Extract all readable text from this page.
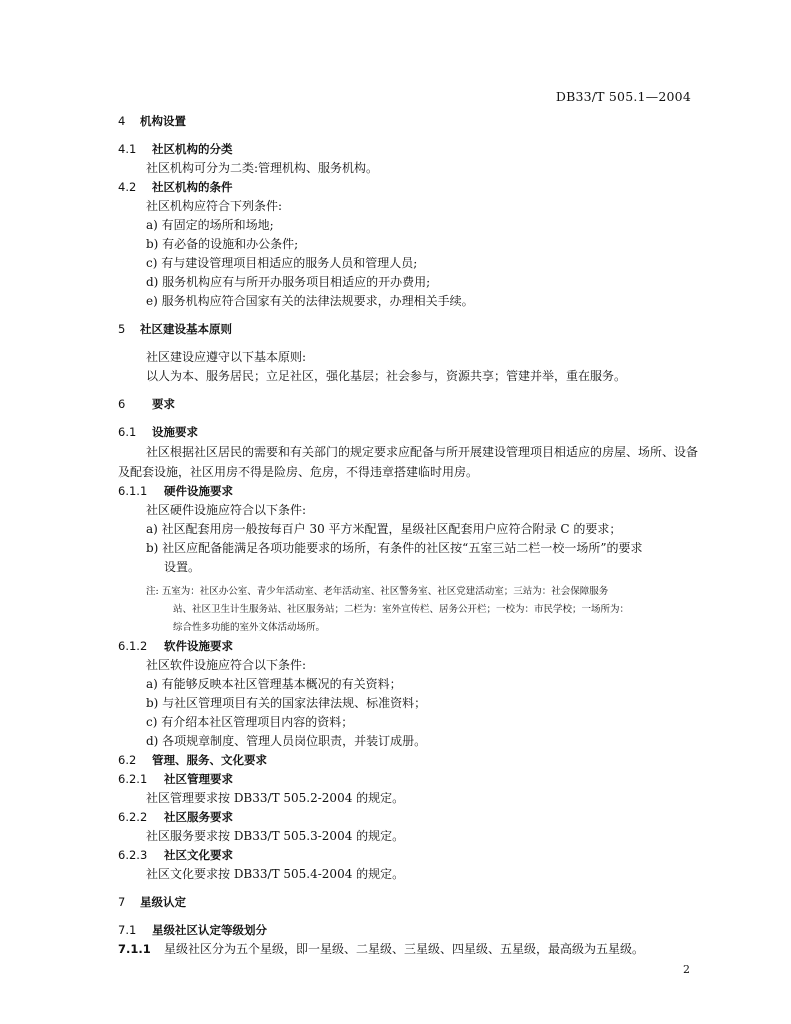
DB33/T 505.1—2004
4 机构设置
4.1 社区机构的分类
社区机构可分为二类:管理机构、服务机构。
4.2 社区机构的条件
社区机构应符合下列条件:
a) 有固定的场所和场地;
b) 有必备的设施和办公条件;
c) 有与建设管理项目相适应的服务人员和管理人员;
d) 服务机构应有与所开办服务项目相适应的开办费用;
e) 服务机构应符合国家有关的法律法规要求，办理相关手续。
5 社区建设基本原则
社区建设应遵守以下基本原则:
以人为本、服务居民；立足社区，强化基层；社会参与，资源共享；管建并举，重在服务。
6 要求
6.1 设施要求
社区根据社区居民的需要和有关部门的规定要求应配备与所开展建设管理项目相适应的房屋、场所、设备及配套设施，社区用房不得是险房、危房，不得违章搭建临时用房。
6.1.1 硬件设施要求
社区硬件设施应符合以下条件:
a) 社区配套用房一般按每百户 30 平方米配置，星级社区配套用户应符合附录 C 的要求；
b) 社区应配备能满足各项功能要求的场所，有条件的社区按“五室三站二栏一校一场所”的要求
设置。
注: 五室为：社区办公室、青少年活动室、老年活动室、社区警务室、社区党建活动室；三站为：社会保障服务
站、社区卫生计生服务站、社区服务站；二栏为：室外宣传栏、居务公开栏；一校为：市民学校；一场所为：
综合性多功能的室外文体活动场所。
6.1.2 软件设施要求
社区软件设施应符合以下条件:
a) 有能够反映本社区管理基本概况的有关资料；
b) 与社区管理项目有关的国家法律法规、标准资料；
c) 有介绍本社区管理项目内容的资料；
d) 各项规章制度、管理人员岗位职责，并装订成册。
6.2 管理、服务、文化要求
6.2.1 社区管理要求
社区管理要求按 DB33/T 505.2-2004 的规定。
6.2.2 社区服务要求
社区服务要求按 DB33/T 505.3-2004 的规定。
6.2.3 社区文化要求
社区文化要求按 DB33/T 505.4-2004 的规定。
7 星级认定
7.1 星级社区认定等级划分
7.1.1 星级社区分为五个星级，即一星级、二星级、三星级、四星级、五星级，最高级为五星级。
2
